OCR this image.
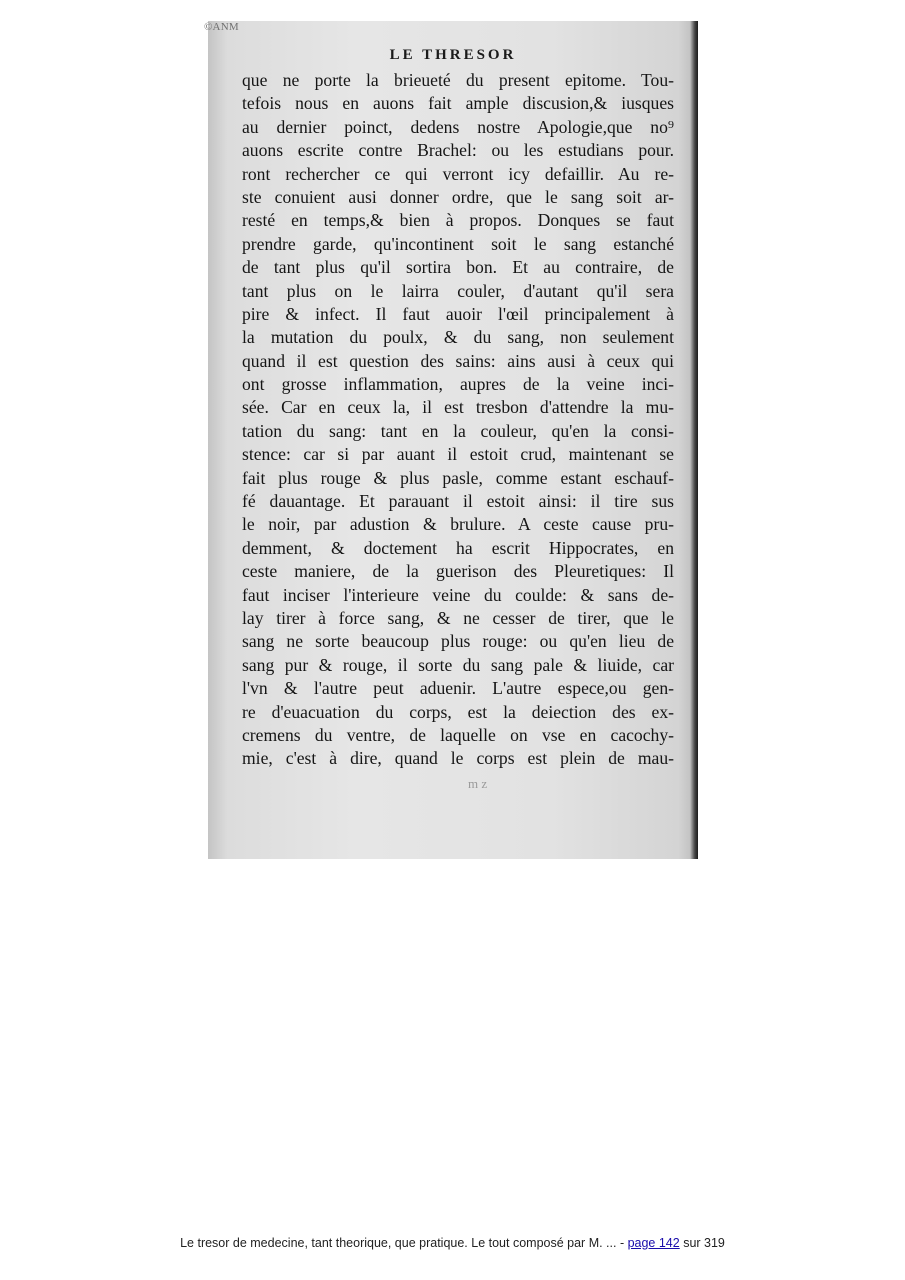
©ANM
LE THRESOR
que ne porte la brieueté du present epitome. Tou-
tefois nous en auons fait ample discusion,& iusques
au dernier poinct, dedens nostre Apologie,que no⁹
auons escrite contre Brachel: ou les estudians pour.
ront rechercher ce qui verront icy defaillir. Au re-
ste conuient ausi donner ordre, que le sang soit ar-
resté en temps,& bien à propos. Donques se faut
prendre garde, qu'incontinent soit le sang estanché
de tant plus qu'il sortira bon. Et au contraire, de
tant plus on le lairra couler, d'autant qu'il sera
pire & infect. Il faut auoir l'œil principalement à
la mutation du poulx, & du sang, non seulement
quand il est question des sains: ains ausi à ceux qui
ont grosse inflammation, aupres de la veine inci-
sée. Car en ceux la, il est tresbon d'attendre la mu-
tation du sang: tant en la couleur, qu'en la consi-
stence: car si par auant il estoit crud, maintenant se
fait plus rouge & plus pasle, comme estant eschauf-
fé dauantage. Et parauant il estoit ainsi: il tire sus
le noir, par adustion & brulure. A ceste cause pru-
demment, & doctement ha escrit Hippocrates, en
ceste maniere, de la guerison des Pleuretiques: Il
faut inciser l'interieure veine du coulde: & sans de-
lay tirer à force sang, & ne cesser de tirer, que le
sang ne sorte beaucoup plus rouge: ou qu'en lieu de
sang pur & rouge, il sorte du sang pale & liuide, car
l'vn & l'autre peut aduenir. L'autre espece,ou gen-
re d'euacuation du corps, est la deiection des ex-
cremens du ventre, de laquelle on vse en cacochy-
mie, c'est à dire, quand le corps est plein de mau-
m z
Le tresor de medecine, tant theorique, que pratique. Le tout composé par M. ... - page 142 sur 319
